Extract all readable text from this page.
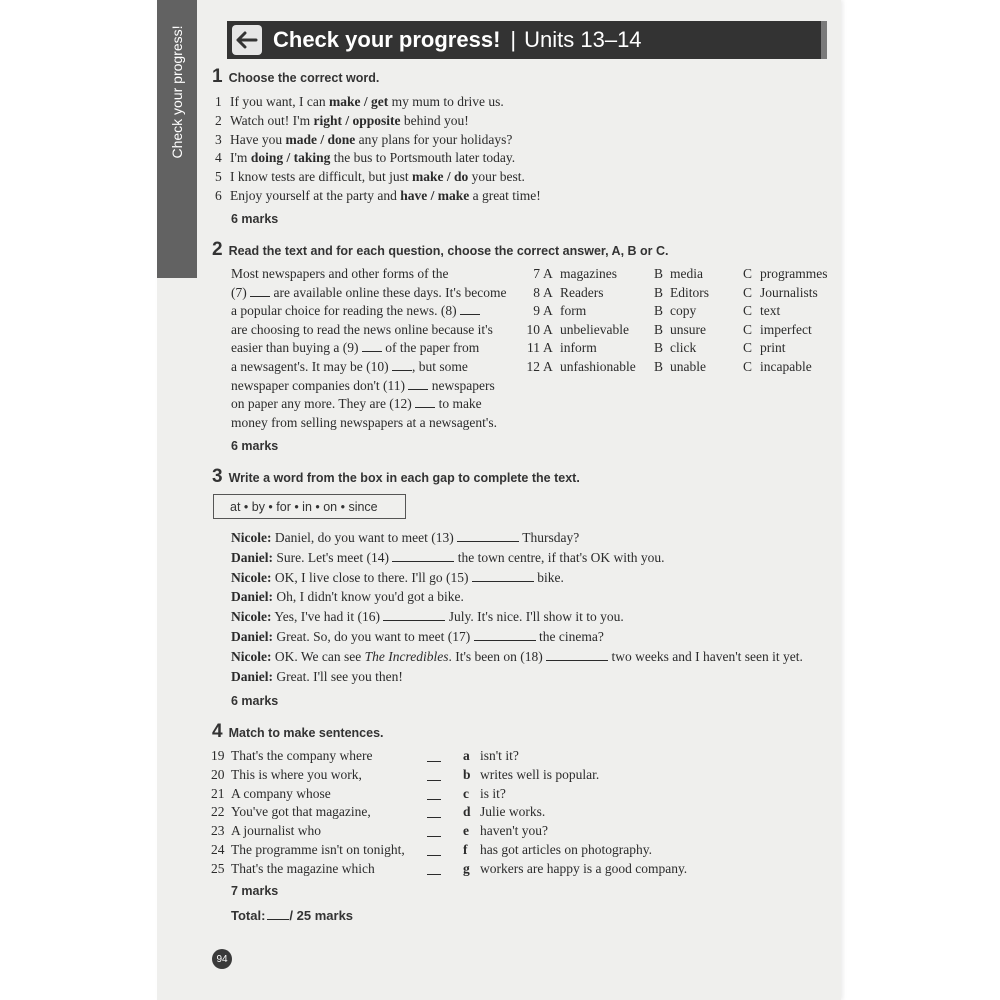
Check your progress!	Check your progress! | Units 13–14
1 Choose the correct word.
1 If you want, I can make / get my mum to drive us.
2 Watch out! I'm right / opposite behind you!
3 Have you made / done any plans for your holidays?
4 I'm doing / taking the bus to Portsmouth later today.
5 I know tests are difficult, but just make / do your best.
6 Enjoy yourself at the party and have / make a great time!
6 marks
2 Read the text and for each question, choose the correct answer, A, B or C.
Most newspapers and other forms of the
(7)  are available online these days. It's become
a popular choice for reading the news. (8)
are choosing to read the news online because it's
easier than buying a (9)  of the paper from
a newsagent's. It may be (10) , but some
newspaper companies don't (11)  newspapers
on paper any more. They are (12)  to make
money from selling newspapers at a newsagent's.
7 A magazines	B media	C programmes
8 A Readers	B Editors	C Journalists
9 A form	B copy	C text
10 A unbelievable B unsure	C imperfect
11 A inform	B click	C print
12 A unfashionable B unable	C incapable
6 marks
3 Write a word from the box in each gap to complete the text.
at • by • for • in • on • since
Nicole: Daniel, do you want to meet (13)	Thursday?
Daniel: Sure. Let's meet (14)	the town centre, if that's OK with you.
Nicole: OK, I live close to there. I'll go (15)	bike.
Daniel: Oh, I didn't know you'd got a bike.
Nicole: Yes, I've had it (16)	July. It's nice. I'll show it to you.
Daniel: Great. So, do you want to meet (17)	the cinema?
Nicole: OK. We can see The Incredibles. It's been on (18)	two weeks and I haven't seen it yet.
Daniel: Great. I'll see you then!
6 marks
4 Match to make sentences.
19 That's the company where	a isn't it?
20 This is where you work,	b writes well is popular.
21 A company whose	c is it?
22 You've got that magazine,	d Julie works.
23 A journalist who	e haven't you?
24 The programme isn't on tonight,	f has got articles on photography.
25 That's the magazine which	g workers are happy is a good company.
7 marks
Total: / 25 marks
94
